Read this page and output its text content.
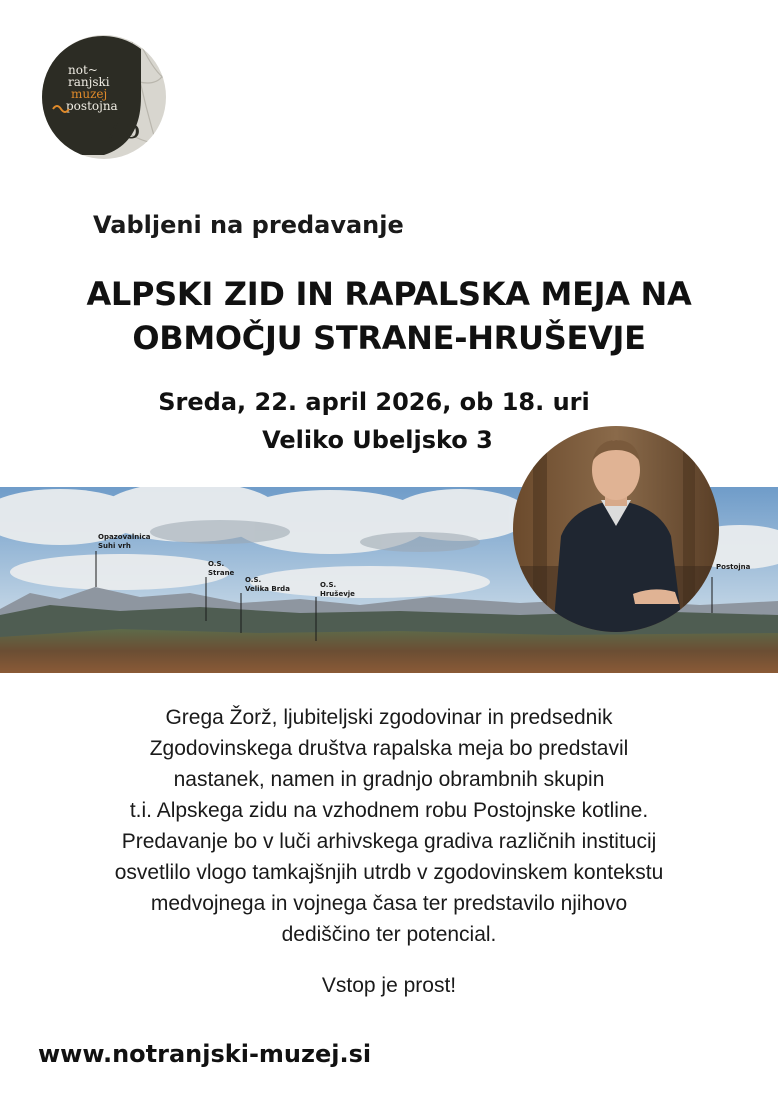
not~
ranjski
muzej
postojna
75
Vabljeni na predavanje
ALPSKI ZID IN RAPALSKA MEJA NA
OBMOČJU STRANE-HRUŠEVJE
Sreda, 22. april 2026, ob 18. uri
Veliko Ubeljsko 3
Opazovalnica
Suhi vrh
O.S.
Strane
O.S.
Velika Brda	O.S.
Hruševje
Postojna
Grega Žorž, ljubiteljski zgodovinar in predsednik
Zgodovinskega društva rapalska meja bo predstavil
nastanek, namen in gradnjo obrambnih skupin
t.i. Alpskega zidu na vzhodnem robu Postojnske kotline.
Predavanje bo v luči arhivskega gradiva različnih institucij
osvetlilo vlogo tamkajšnjih utrdb v zgodovinskem kontekstu
medvojnega in vojnega časa ter predstavilo njihovo
dediščino ter potencial.
Vstop je prost!
www.notranjski-muzej.si
